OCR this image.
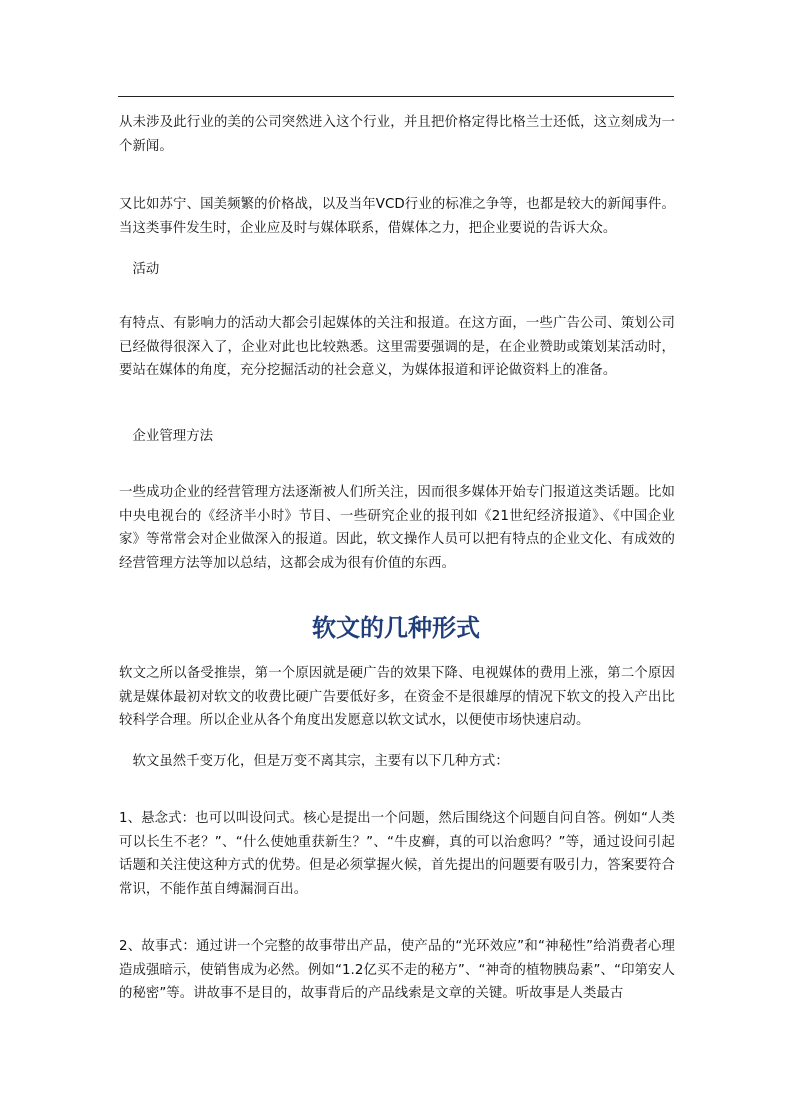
从未涉及此行业的美的公司突然进入这个行业，并且把价格定得比格兰士还低，这立刻成为一个新闻。

又比如苏宁、国美频繁的价格战，以及当年VCD行业的标准之争等，也都是较大的新闻事件。当这类事件发生时，企业应及时与媒体联系，借媒体之力，把企业要说的告诉大众。

　活动

有特点、有影响力的活动大都会引起媒体的关注和报道。在这方面，一些广告公司、策划公司已经做得很深入了，企业对此也比较熟悉。这里需要强调的是，在企业赞助或策划某活动时，要站在媒体的角度，充分挖掘活动的社会意义，为媒体报道和评论做资料上的准备。

　企业管理方法

一些成功企业的经营管理方法逐渐被人们所关注，因而很多媒体开始专门报道这类话题。比如中央电视台的《经济半小时》节目、一些研究企业的报刊如《21世纪经济报道》、《中国企业家》等常常会对企业做深入的报道。因此，软文操作人员可以把有特点的企业文化、有成效的经营管理方法等加以总结，这都会成为很有价值的东西。

软文的几种形式

软文之所以备受推崇，第一个原因就是硬广告的效果下降、电视媒体的费用上涨，第二个原因就是媒体最初对软文的收费比硬广告要低好多，在资金不是很雄厚的情况下软文的投入产出比较科学合理。所以企业从各个角度出发愿意以软文试水，以便使市场快速启动。

　软文虽然千变万化，但是万变不离其宗，主要有以下几种方式：

1、悬念式：也可以叫设问式。核心是提出一个问题，然后围绕这个问题自问自答。例如“人类可以长生不老？”、“什么使她重获新生？”、“牛皮癣，真的可以治愈吗？”等，通过设问引起话题和关注使这种方式的优势。但是必须掌握火候，首先提出的问题要有吸引力，答案要符合常识，不能作茧自缚漏洞百出。

2、故事式：通过讲一个完整的故事带出产品，使产品的“光环效应”和“神秘性”给消费者心理造成强暗示，使销售成为必然。例如“1.2亿买不走的秘方”、“神奇的植物胰岛素”、“印第安人的秘密”等。讲故事不是目的，故事背后的产品线索是文章的关键。听故事是人类最古
